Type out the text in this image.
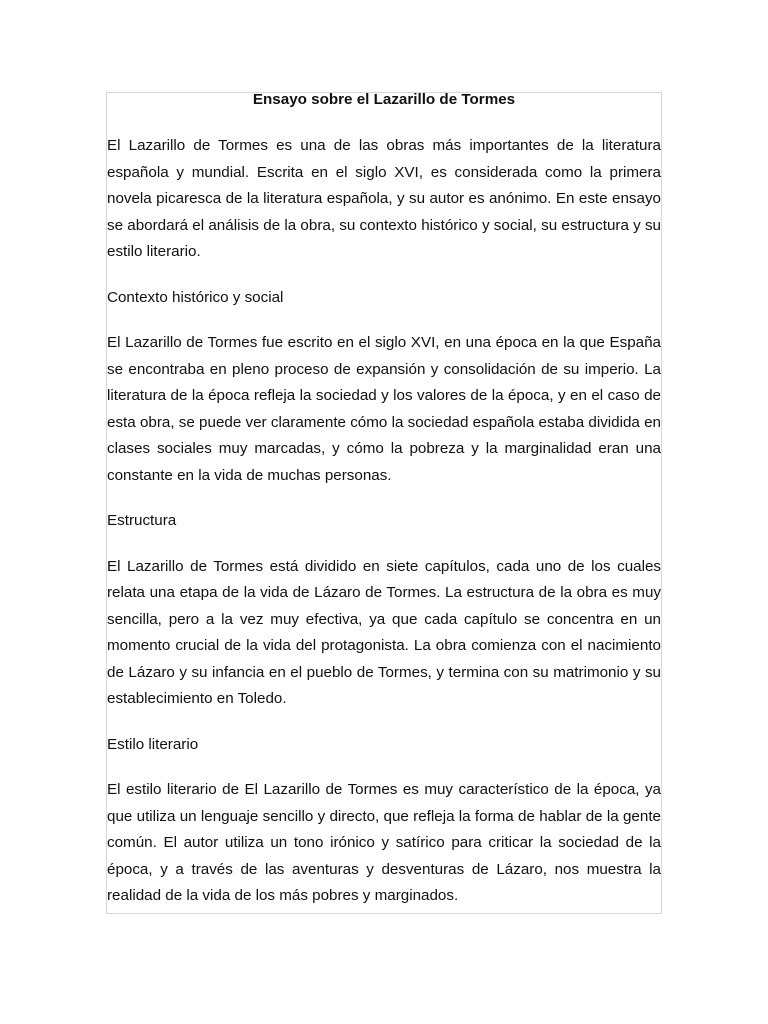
Ensayo sobre el Lazarillo de Tormes

El Lazarillo de Tormes es una de las obras más importantes de la literatura española y mundial. Escrita en el siglo XVI, es considerada como la primera novela picaresca de la literatura española, y su autor es anónimo. En este ensayo se abordará el análisis de la obra, su contexto histórico y social, su estructura y su estilo literario.

Contexto histórico y social

El Lazarillo de Tormes fue escrito en el siglo XVI, en una época en la que España se encontraba en pleno proceso de expansión y consolidación de su imperio. La literatura de la época refleja la sociedad y los valores de la época, y en el caso de esta obra, se puede ver claramente cómo la sociedad española estaba dividida en clases sociales muy marcadas, y cómo la pobreza y la marginalidad eran una constante en la vida de muchas personas.

Estructura

El Lazarillo de Tormes está dividido en siete capítulos, cada uno de los cuales relata una etapa de la vida de Lázaro de Tormes. La estructura de la obra es muy sencilla, pero a la vez muy efectiva, ya que cada capítulo se concentra en un momento crucial de la vida del protagonista. La obra comienza con el nacimiento de Lázaro y su infancia en el pueblo de Tormes, y termina con su matrimonio y su establecimiento en Toledo.

Estilo literario

El estilo literario de El Lazarillo de Tormes es muy característico de la época, ya que utiliza un lenguaje sencillo y directo, que refleja la forma de hablar de la gente común. El autor utiliza un tono irónico y satírico para criticar la sociedad de la época, y a través de las aventuras y desventuras de Lázaro, nos muestra la realidad de la vida de los más pobres y marginados.
